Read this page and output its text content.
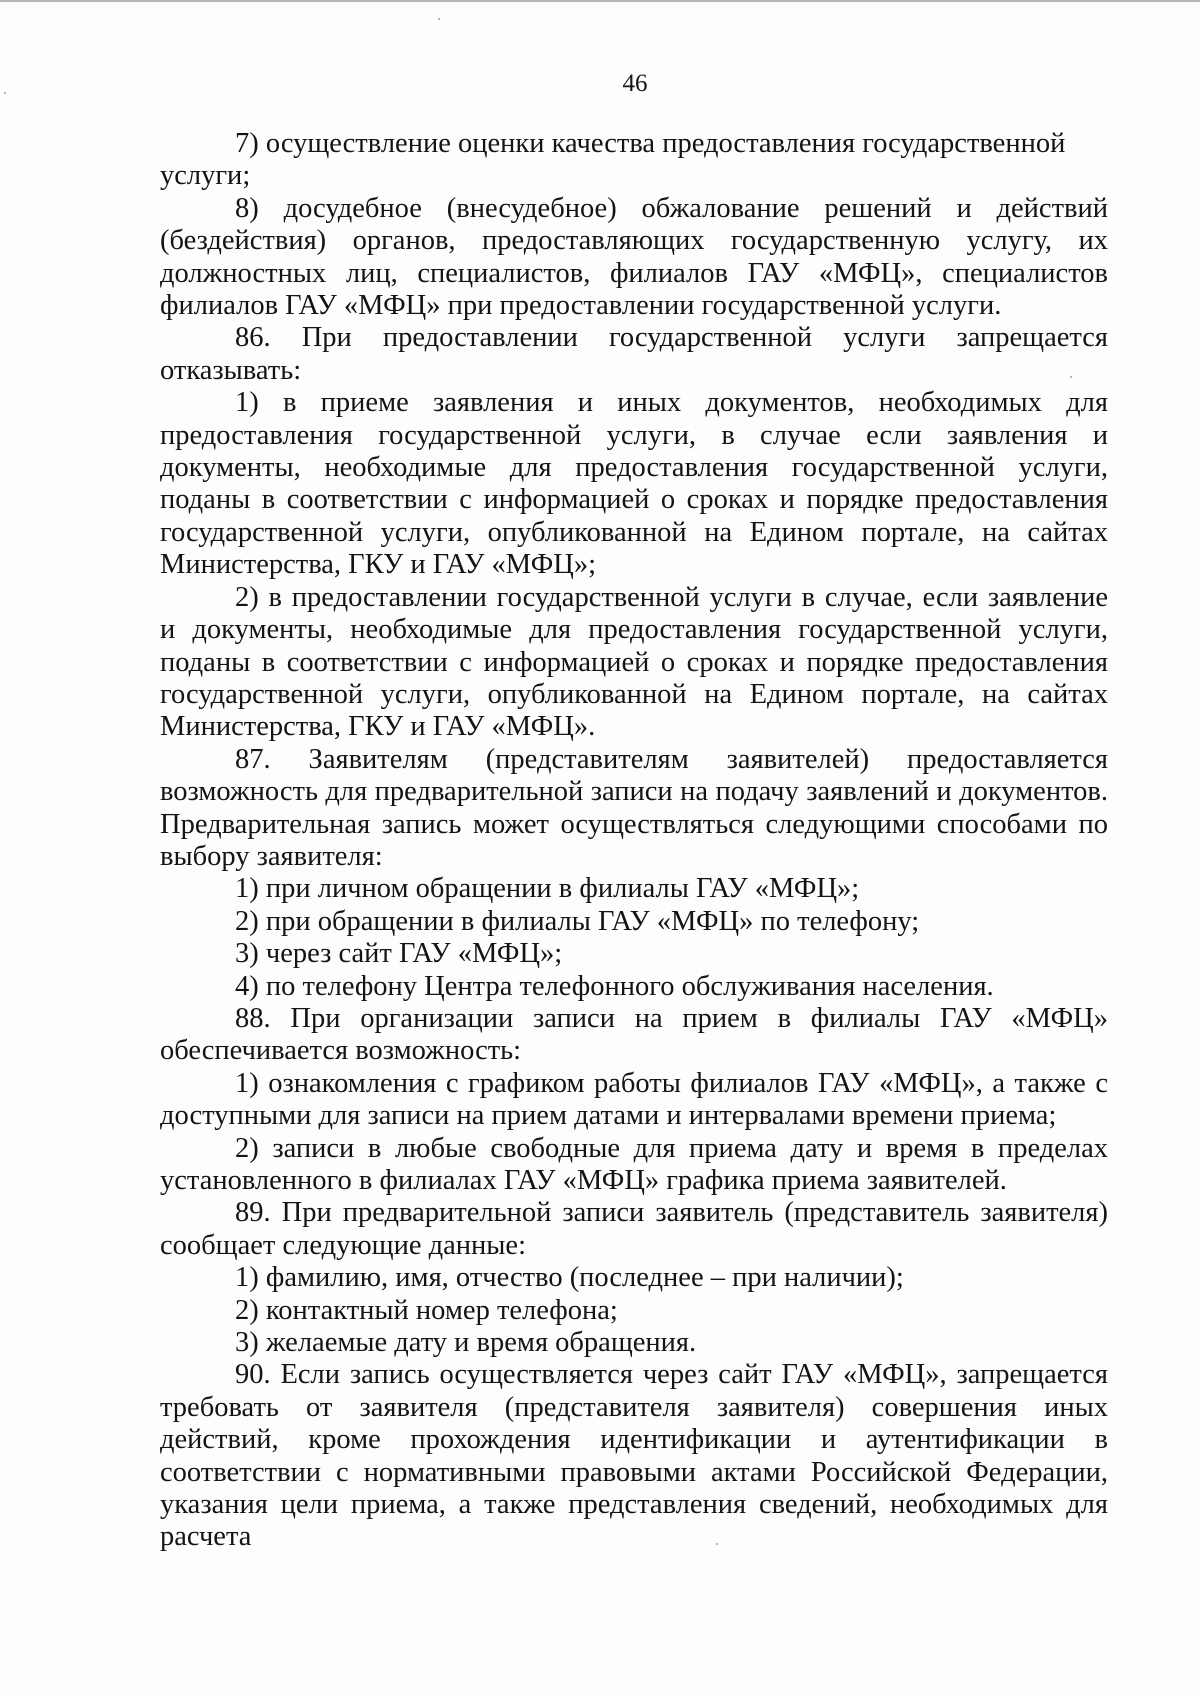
46

7) осуществление оценки качества предоставления государственной услуги;

8) досудебное (внесудебное) обжалование решений и действий (бездействия) органов, предоставляющих государственную услугу, их должностных лиц, специалистов, филиалов ГАУ «МФЦ», специалистов филиалов ГАУ «МФЦ» при предоставлении государственной услуги.

86. При предоставлении государственной услуги запрещается отказывать:

1) в приеме заявления и иных документов, необходимых для предоставления государственной услуги, в случае если заявления и документы, необходимые для предоставления государственной услуги, поданы в соответствии с информацией о сроках и порядке предоставления государственной услуги, опубликованной на Едином портале, на сайтах Министерства, ГКУ и ГАУ «МФЦ»;

2) в предоставлении государственной услуги в случае, если заявление и документы, необходимые для предоставления государственной услуги, поданы в соответствии с информацией о сроках и порядке предоставления государственной услуги, опубликованной на Едином портале, на сайтах Министерства, ГКУ и ГАУ «МФЦ».

87. Заявителям (представителям заявителей) предоставляется возможность для предварительной записи на подачу заявлений и документов. Предварительная запись может осуществляться следующими способами по выбору заявителя:

1) при личном обращении в филиалы ГАУ «МФЦ»;

2) при обращении в филиалы ГАУ «МФЦ» по телефону;

3) через сайт ГАУ «МФЦ»;

4) по телефону Центра телефонного обслуживания населения.

88. При организации записи на прием в филиалы ГАУ «МФЦ» обеспечивается возможность:

1) ознакомления с графиком работы филиалов ГАУ «МФЦ», а также с доступными для записи на прием датами и интервалами времени приема;

2) записи в любые свободные для приема дату и время в пределах установленного в филиалах ГАУ «МФЦ» графика приема заявителей.

89. При предварительной записи заявитель (представитель заявителя) сообщает следующие данные:

1) фамилию, имя, отчество (последнее – при наличии);

2) контактный номер телефона;

3) желаемые дату и время обращения.

90. Если запись осуществляется через сайт ГАУ «МФЦ», запрещается требовать от заявителя (представителя заявителя) совершения иных действий, кроме прохождения идентификации и аутентификации в соответствии с нормативными правовыми актами Российской Федерации, указания цели приема, а также представления сведений, необходимых для расчета
